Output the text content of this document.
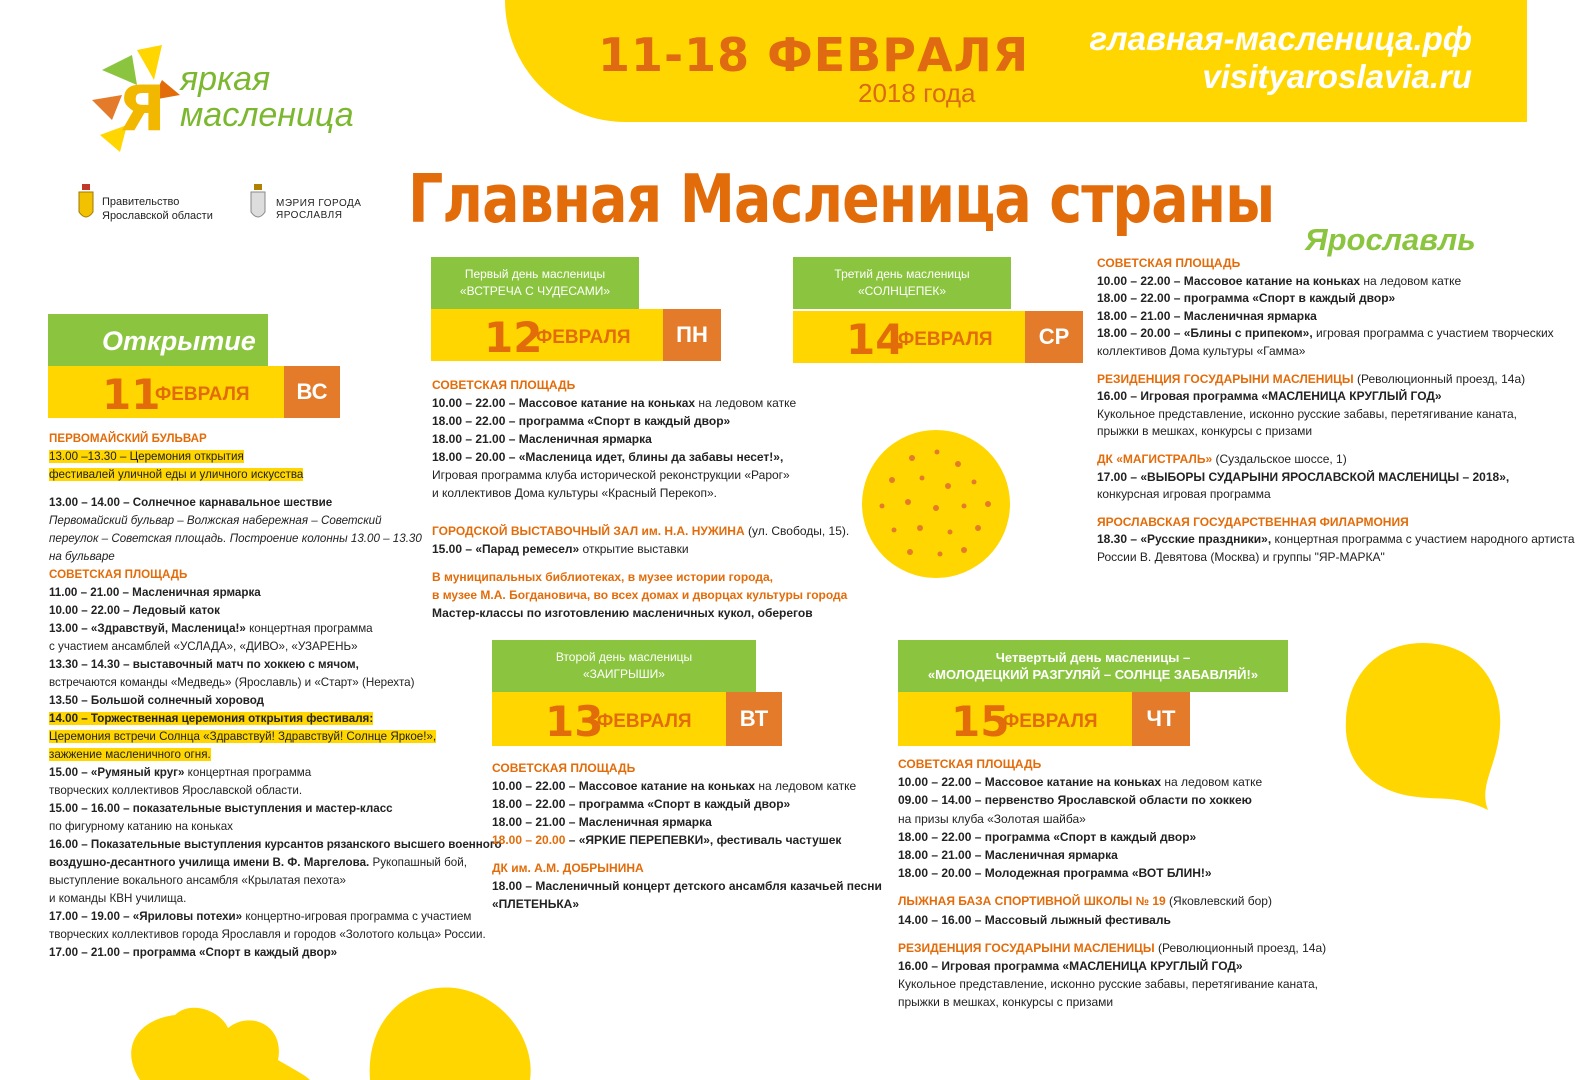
11-18 ФЕВРАЛЯ
2018 года
главная-масленица.рф
visityaroslavia.ru
Я яркая
масленица
Правительство
Ярославской области
МЭРИЯ ГОРОДА
ЯРОСЛАВЛЯ Главная Масленица страны
Ярославль
Открытие
ВС
11
ФЕВРАЛЯ
Первый день масленицы
«ВСТРЕЧА С ЧУДЕСАМИ»
ПН
12
ФЕВРАЛЯ
Третий день масленицы
«СОЛНЦЕПЕК»
СР
14
ФЕВРАЛЯ
Второй день масленицы
«ЗАИГРЫШИ»
ВТ
13
ФЕВРАЛЯ
Четвертый день масленицы –
«МОЛОДЕЦКИЙ РАЗГУЛЯЙ – СОЛНЦЕ ЗАБАВЛЯЙ!»
ЧТ
15
ФЕВРАЛЯ
ПЕРВОМАЙСКИЙ БУЛЬВАР
13.00 –13.30 – Церемония открытия
фестивалей уличной еды и уличного искусства
13.00 – 14.00 – Солнечное карнавальное шествие
Первомайский бульвар – Волжская набережная – Советский переулок – Советская площадь. Построение колонны 13.00 – 13.30 на бульваре
СОВЕТСКАЯ ПЛОЩАДЬ
11.00 – 21.00 – Масленичная ярмарка
10.00 – 22.00 – Ледовый каток
13.00 – «Здравствуй, Масленица!» концертная программа
с участием ансамблей «УСЛАДА», «ДИВО», «УЗАРЕНЬ»
13.30 – 14.30 – выставочный матч по хоккею с мячом,
встречаются команды «Медведь» (Ярославль) и «Старт» (Нерехта)
13.50 – Большой солнечный хоровод
14.00 – Торжественная церемония открытия фестиваля:
Церемония встречи Солнца «Здравствуй! Здравствуй! Солнце Яркое!»,
зажжение масленичного огня.
15.00 – «Румяный круг» концертная программа
творческих коллективов Ярославской области.
15.00 – 16.00 – показательные выступления и мастер-класс
по фигурному катанию на коньках
16.00 – Показательные выступления курсантов рязанского высшего военного
воздушно-десантного училища имени В. Ф. Маргелова. Рукопашный бой,
выступление вокального ансамбля «Крылатая пехота»
и команды КВН училища.
17.00 – 19.00 – «Яриловы потехи» концертно-игровая программа с участием
творческих коллективов города Ярославля и городов «Золотого кольца» России.
17.00 – 21.00 – программа «Спорт в каждый двор»
СОВЕТСКАЯ ПЛОЩАДЬ
10.00 – 22.00 – Массовое катание на коньках на ледовом катке
18.00 – 22.00 – программа «Спорт в каждый двор»
18.00 – 21.00 – Масленичная ярмарка
18.00 – 20.00 – «Масленица идет, блины да забавы несет!»,
Игровая программа клуба исторической реконструкции «Рарог»
и коллективов Дома культуры «Красный Перекоп».
ГОРОДСКОЙ ВЫСТАВОЧНЫЙ ЗАЛ им. Н.А. НУЖИНА (ул. Свободы, 15).
15.00 – «Парад ремесел» открытие выставки
В муниципальных библиотеках, в музее истории города,
в музее М.А. Богдановича, во всех домах и дворцах культуры города
Мастер-классы по изготовлению масленичных кукол, оберегов
СОВЕТСКАЯ ПЛОЩАДЬ
10.00 – 22.00 – Массовое катание на коньках на ледовом катке
18.00 – 22.00 – программа «Спорт в каждый двор»
18.00 – 21.00 – Масленичная ярмарка
18.00 – 20.00 – «ЯРКИЕ ПЕРЕПЕВКИ», фестиваль частушек
ДК им. А.М. ДОБРЫНИНА
18.00 – Масленичный концерт детского ансамбля казачьей песни
«ПЛЕТЕНЬКА»
СОВЕТСКАЯ ПЛОЩАДЬ
10.00 – 22.00 – Массовое катание на коньках на ледовом катке
18.00 – 22.00 – программа «Спорт в каждый двор»
18.00 – 21.00 – Масленичная ярмарка
18.00 – 20.00 – «Блины с припеком», игровая программа с участием творческих
коллективов Дома культуры «Гамма»
РЕЗИДЕНЦИЯ ГОСУДАРЫНИ МАСЛЕНИЦЫ (Революционный проезд, 14а)
16.00 – Игровая программа «МАСЛЕНИЦА КРУГЛЫЙ ГОД»
Кукольное представление, исконно русские забавы, перетягивание каната,
прыжки в мешках, конкурсы с призами
ДК «МАГИСТРАЛЬ» (Суздальское шоссе, 1)
17.00 – «ВЫБОРЫ СУДАРЫНИ ЯРОСЛАВСКОЙ МАСЛЕНИЦЫ – 2018»,
конкурсная игровая программа
ЯРОСЛАВСКАЯ ГОСУДАРСТВЕННАЯ ФИЛАРМОНИЯ
18.30 – «Русские праздники», концертная программа с участием народного артиста
России В. Девятова (Москва) и группы "ЯР-МАРКА"
СОВЕТСКАЯ ПЛОЩАДЬ
10.00 – 22.00 – Массовое катание на коньках на ледовом катке
09.00 – 14.00 – первенство Ярославской области по хоккею
на призы клуба «Золотая шайба»
18.00 – 22.00 – программа «Спорт в каждый двор»
18.00 – 21.00 – Масленичная ярмарка
18.00 – 20.00 – Молодежная программа «ВОТ БЛИН!»
ЛЫЖНАЯ БАЗА СПОРТИВНОЙ ШКОЛЫ № 19 (Яковлевский бор)
14.00 – 16.00 – Массовый лыжный фестиваль
РЕЗИДЕНЦИЯ ГОСУДАРЫНИ МАСЛЕНИЦЫ (Революционный проезд, 14а)
16.00 – Игровая программа «МАСЛЕНИЦА КРУГЛЫЙ ГОД»
Кукольное представление, исконно русские забавы, перетягивание каната,
прыжки в мешках, конкурсы с призами
